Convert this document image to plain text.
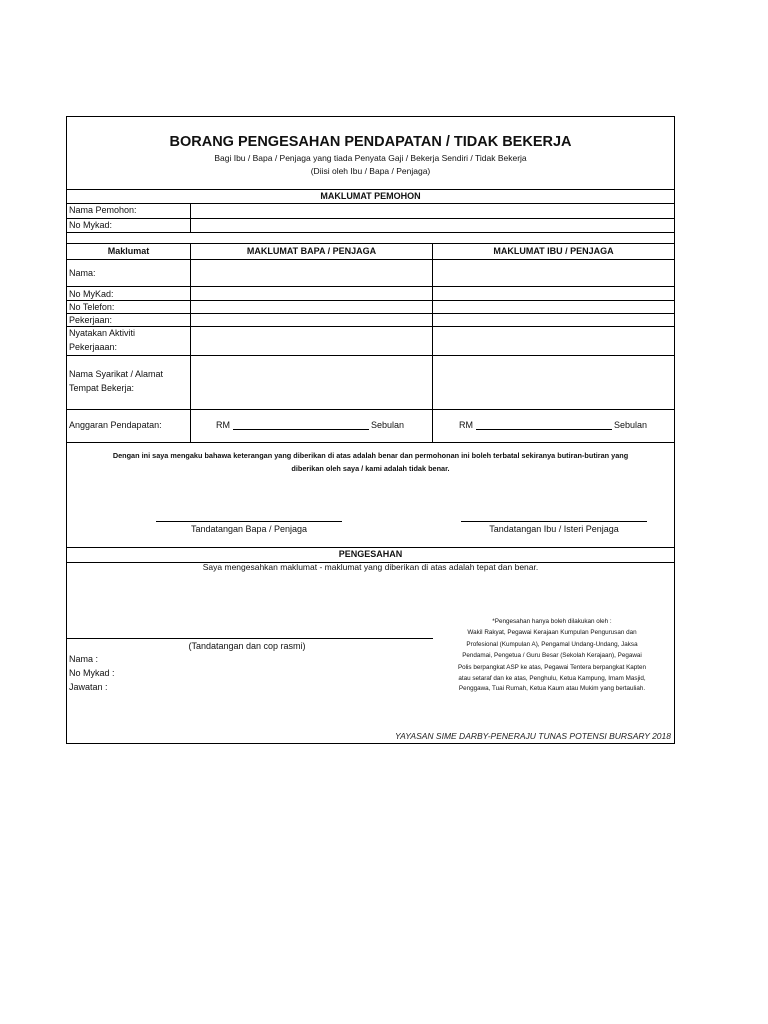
BORANG PENGESAHAN PENDAPATAN / TIDAK BEKERJA
Bagi Ibu / Bapa / Penjaga yang tiada Penyata Gaji / Bekerja Sendiri / Tidak Bekerja
(Diisi oleh Ibu / Bapa / Penjaga)
MAKLUMAT PEMOHON
Nama Pemohon:
No Mykad:
Maklumat	MAKLUMAT BAPA / PENJAGA	MAKLUMAT IBU / PENJAGA
Nama:
No MyKad:
No Telefon:
Pekerjaan:
Nyatakan Aktiviti
Pekerjaaan:
Nama Syarikat / Alamat
Tempat Bekerja:
Anggaran Pendapatan:	RM	Sebulan	RM	Sebulan
Dengan ini saya mengaku bahawa keterangan yang diberikan di atas adalah benar dan permohonan ini boleh terbatal sekiranya butiran-butiran yang
diberikan oleh saya / kami adalah tidak benar.
Tandatangan Bapa / Penjaga	Tandatangan Ibu / Isteri Penjaga
PENGESAHAN
Saya mengesahkan maklumat - maklumat yang diberikan di atas adalah tepat dan benar.
(Tandatangan dan cop rasmi)
Nama :
No Mykad :
Jawatan :
*Pengesahan hanya boleh dilakukan oleh :
Wakil Rakyat, Pegawai Kerajaan Kumpulan Pengurusan dan
Profesional (Kumpulan A), Pengamal Undang-Undang, Jaksa
Pendamai, Pengetua / Guru Besar (Sekolah Kerajaan), Pegawai
Polis berpangkat ASP ke atas, Pegawai Tentera berpangkat Kapten
atau setaraf dan ke atas, Penghulu, Ketua Kampung, Imam Masjid,
Penggawa, Tuai Rumah, Ketua Kaum atau Mukim yang bertauliah.
YAYASAN SIME DARBY-PENERAJU TUNAS POTENSI BURSARY 2018
